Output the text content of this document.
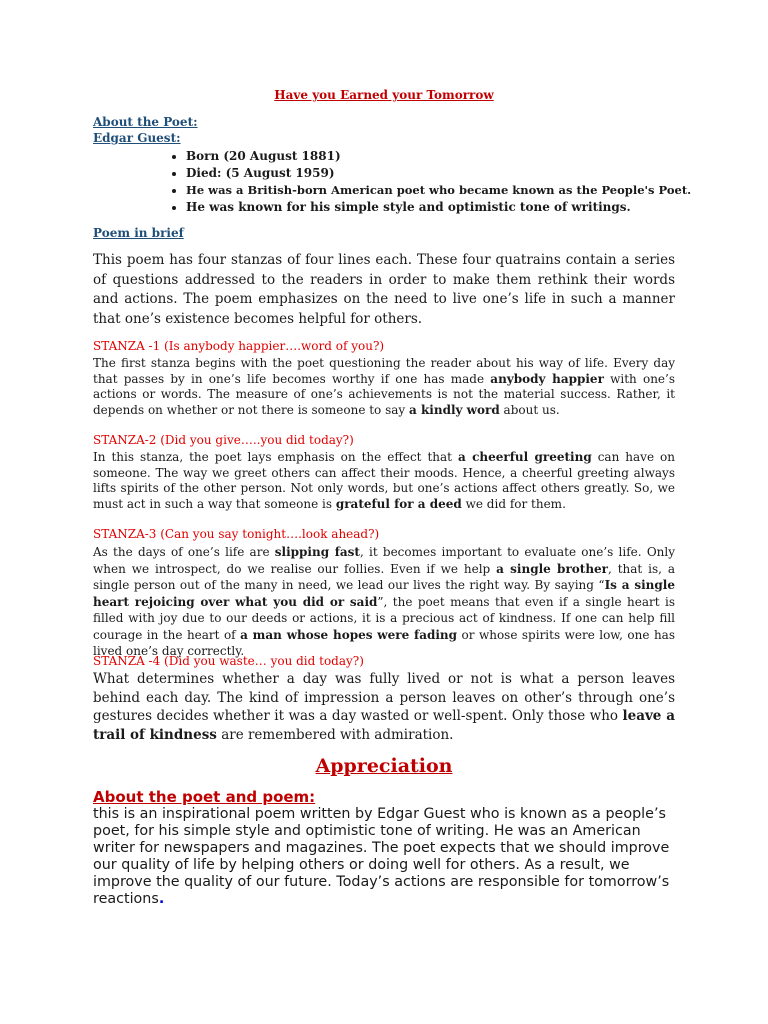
Have you Earned your Tomorrow
About the Poet:
Edgar Guest:
• Born (20 August 1881)
• Died: (5 August 1959)
• He was a British-born American poet who became known as the People's Poet.
• He was known for his simple style and optimistic tone of writings.
Poem in brief
This poem has four stanzas of four lines each. These four quatrains contain a series of questions addressed to the readers in order to make them rethink their words and actions. The poem emphasizes on the need to live one’s life in such a manner that one’s existence becomes helpful for others.
STANZA -1 (Is anybody happier….word of you?)
The first stanza begins with the poet questioning the reader about his way of life. Every day that passes by in one’s life becomes worthy if one has made anybody happier with one’s actions or words. The measure of one’s achievements is not the material success. Rather, it depends on whether or not there is someone to say a kindly word about us.
STANZA-2 (Did you give…..you did today?)
In this stanza, the poet lays emphasis on the effect that a cheerful greeting can have on someone. The way we greet others can affect their moods. Hence, a cheerful greeting always lifts spirits of the other person. Not only words, but one’s actions affect others greatly. So, we must act in such a way that someone is grateful for a deed we did for them.
STANZA-3 (Can you say tonight….look ahead?)
As the days of one’s life are slipping fast, it becomes important to evaluate one’s life. Only when we introspect, do we realise our follies. Even if we help a single brother, that is, a single person out of the many in need, we lead our lives the right way. By saying “Is a single heart rejoicing over what you did or said”, the poet means that even if a single heart is filled with joy due to our deeds or actions, it is a precious act of kindness. If one can help fill courage in the heart of a man whose hopes were fading or whose spirits were low, one has lived one’s day correctly.
STANZA -4 (Did you waste… you did today?)
What determines whether a day was fully lived or not is what a person leaves behind each day. The kind of impression a person leaves on other’s through one’s gestures decides whether it was a day wasted or well-spent. Only those who leave a trail of kindness are remembered with admiration.
Appreciation
About the poet and poem:
this is an inspirational poem written by Edgar Guest who is known as a people’s poet, for his simple style and optimistic tone of writing. He was an American writer for newspapers and magazines. The poet expects that we should improve our quality of life by helping others or doing well for others. As a result, we improve the quality of our future. Today’s actions are responsible for tomorrow’s reactions.
